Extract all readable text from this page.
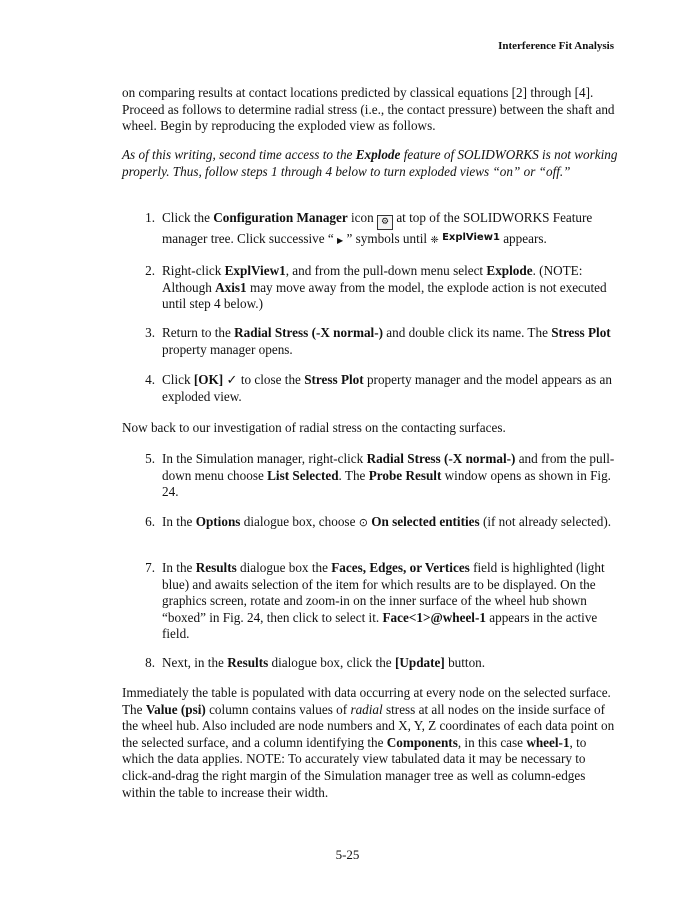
Interference Fit Analysis

on comparing results at contact locations predicted by classical equations [2] through [4]. Proceed as follows to determine radial stress (i.e., the contact pressure) between the shaft and wheel. Begin by reproducing the exploded view as follows.

As of this writing, second time access to the Explode feature of SOLIDWORKS is not working properly. Thus, follow steps 1 through 4 below to turn exploded views “on” or “off.”

1. Click the Configuration Manager icon ⚙ at top of the SOLIDWORKS Feature manager tree. Click successive “ ▶ ” symbols until ❈ $^{ExplView1}$ appears.
2. Right-click ExplView1, and from the pull-down menu select Explode. (NOTE: Although Axis1 may move away from the model, the explode action is not executed until step 4 below.)
3. Return to the Radial Stress (-X normal-) and double click its name. The Stress Plot property manager opens.
4. Click [OK] ✓ to close the Stress Plot property manager and the model appears as an exploded view.

Now back to our investigation of radial stress on the contacting surfaces.

5. In the Simulation manager, right-click Radial Stress (-X normal-) and from the pull-down menu choose List Selected. The Probe Result window opens as shown in Fig. 24.
6. In the Options dialogue box, choose ⊙ On selected entities (if not already selected).
7. In the Results dialogue box the Faces, Edges, or Vertices field is highlighted (light blue) and awaits selection of the item for which results are to be displayed. On the graphics screen, rotate and zoom-in on the inner surface of the wheel hub shown “boxed” in Fig. 24, then click to select it. Face<1>@wheel-1 appears in the active field.
8. Next, in the Results dialogue box, click the [Update] button.

Immediately the table is populated with data occurring at every node on the selected surface. The Value (psi) column contains values of radial stress at all nodes on the inside surface of the wheel hub. Also included are node numbers and X, Y, Z coordinates of each data point on the selected surface, and a column identifying the Components, in this case wheel-1, to which the data applies. NOTE: To accurately view tabulated data it may be necessary to click-and-drag the right margin of the Simulation manager tree as well as column-edges within the table to increase their width.

5-25
